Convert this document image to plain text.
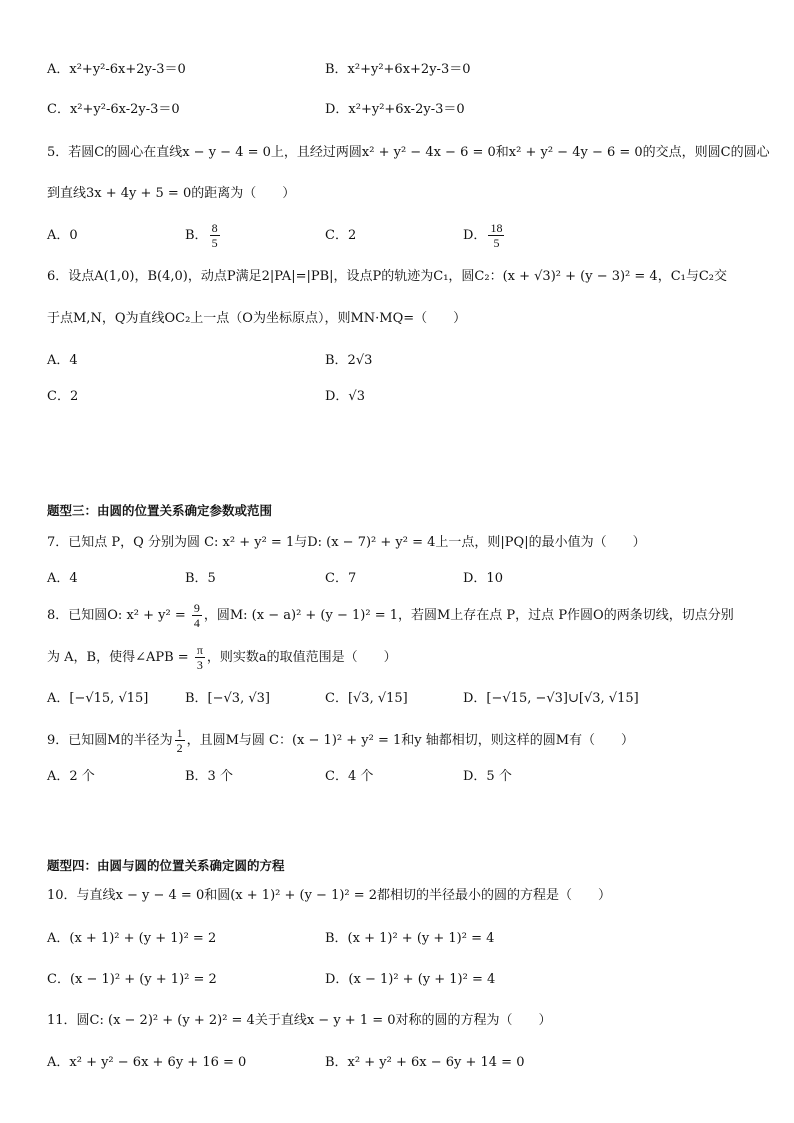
A．x²+y²-6x+2y-3＝0	B．x²+y²+6x+2y-3＝0
C．x²+y²-6x-2y-3＝0	D．x²+y²+6x-2y-3＝0
5．若圆C的圆心在直线x − y − 4 = 0上，且经过两圆x² + y² − 4x − 6 = 0和x² + y² − 4y − 6 = 0的交点，则圆C的圆心
到直线3x + 4y + 5 = 0的距离为（　　）
A．0	B． $\frac{8}{5}$	C．2	D． $\frac{18}{5}$
6．设点A(1,0)，B(4,0)，动点P满足2|PA|=|PB|，设点P的轨迹为C₁，圆C₂：(x + √3)² + (y − 3)² = 4，C₁与C₂交
于点M,N，Q为直线OC₂上一点（O为坐标原点），则MN·MQ=（　　）
A．4	B．2√3
C．2	D．√3
题型三：由圆的位置关系确定参数或范围
7．已知点 P，Q 分别为圆 C: x² + y² = 1与D: (x − 7)² + y² = 4上一点，则|PQ|的最小值为（　　）
A．4	B．5	C．7	D．10
8．已知圆O: $x^2 + y^2 = \frac{9}{4}$ ，圆M: (x − a)² + (y − 1)² = 1，若圆M上存在点 P，过点 P作圆O的两条切线，切点分别
为 A，B，使得∠APB = $\frac{\pi}{3}$ ，则实数a的取值范围是（　　）
A．[−√15, √15]	B．[−√3, √3]	C．[√3, √15]	D．[−√15, −√3]∪[√3, √15]
9．已知圆M的半径为 $\frac{1}{2}$ ，且圆M与圆 C：(x − 1)² + y² = 1和y 轴都相切，则这样的圆M有（　　）
A．2 个	B．3 个	C．4 个	D．5 个
题型四：由圆与圆的位置关系确定圆的方程
10．与直线x − y − 4 = 0和圆(x + 1)² + (y − 1)² = 2都相切的半径最小的圆的方程是（　　）
A．(x + 1)² + (y + 1)² = 2	B．(x + 1)² + (y + 1)² = 4
C．(x − 1)² + (y + 1)² = 2	D．(x − 1)² + (y + 1)² = 4
11．圆C: (x − 2)² + (y + 2)² = 4关于直线x − y + 1 = 0对称的圆的方程为（　　）
A．x² + y² − 6x + 6y + 16 = 0	B．x² + y² + 6x − 6y + 14 = 0
